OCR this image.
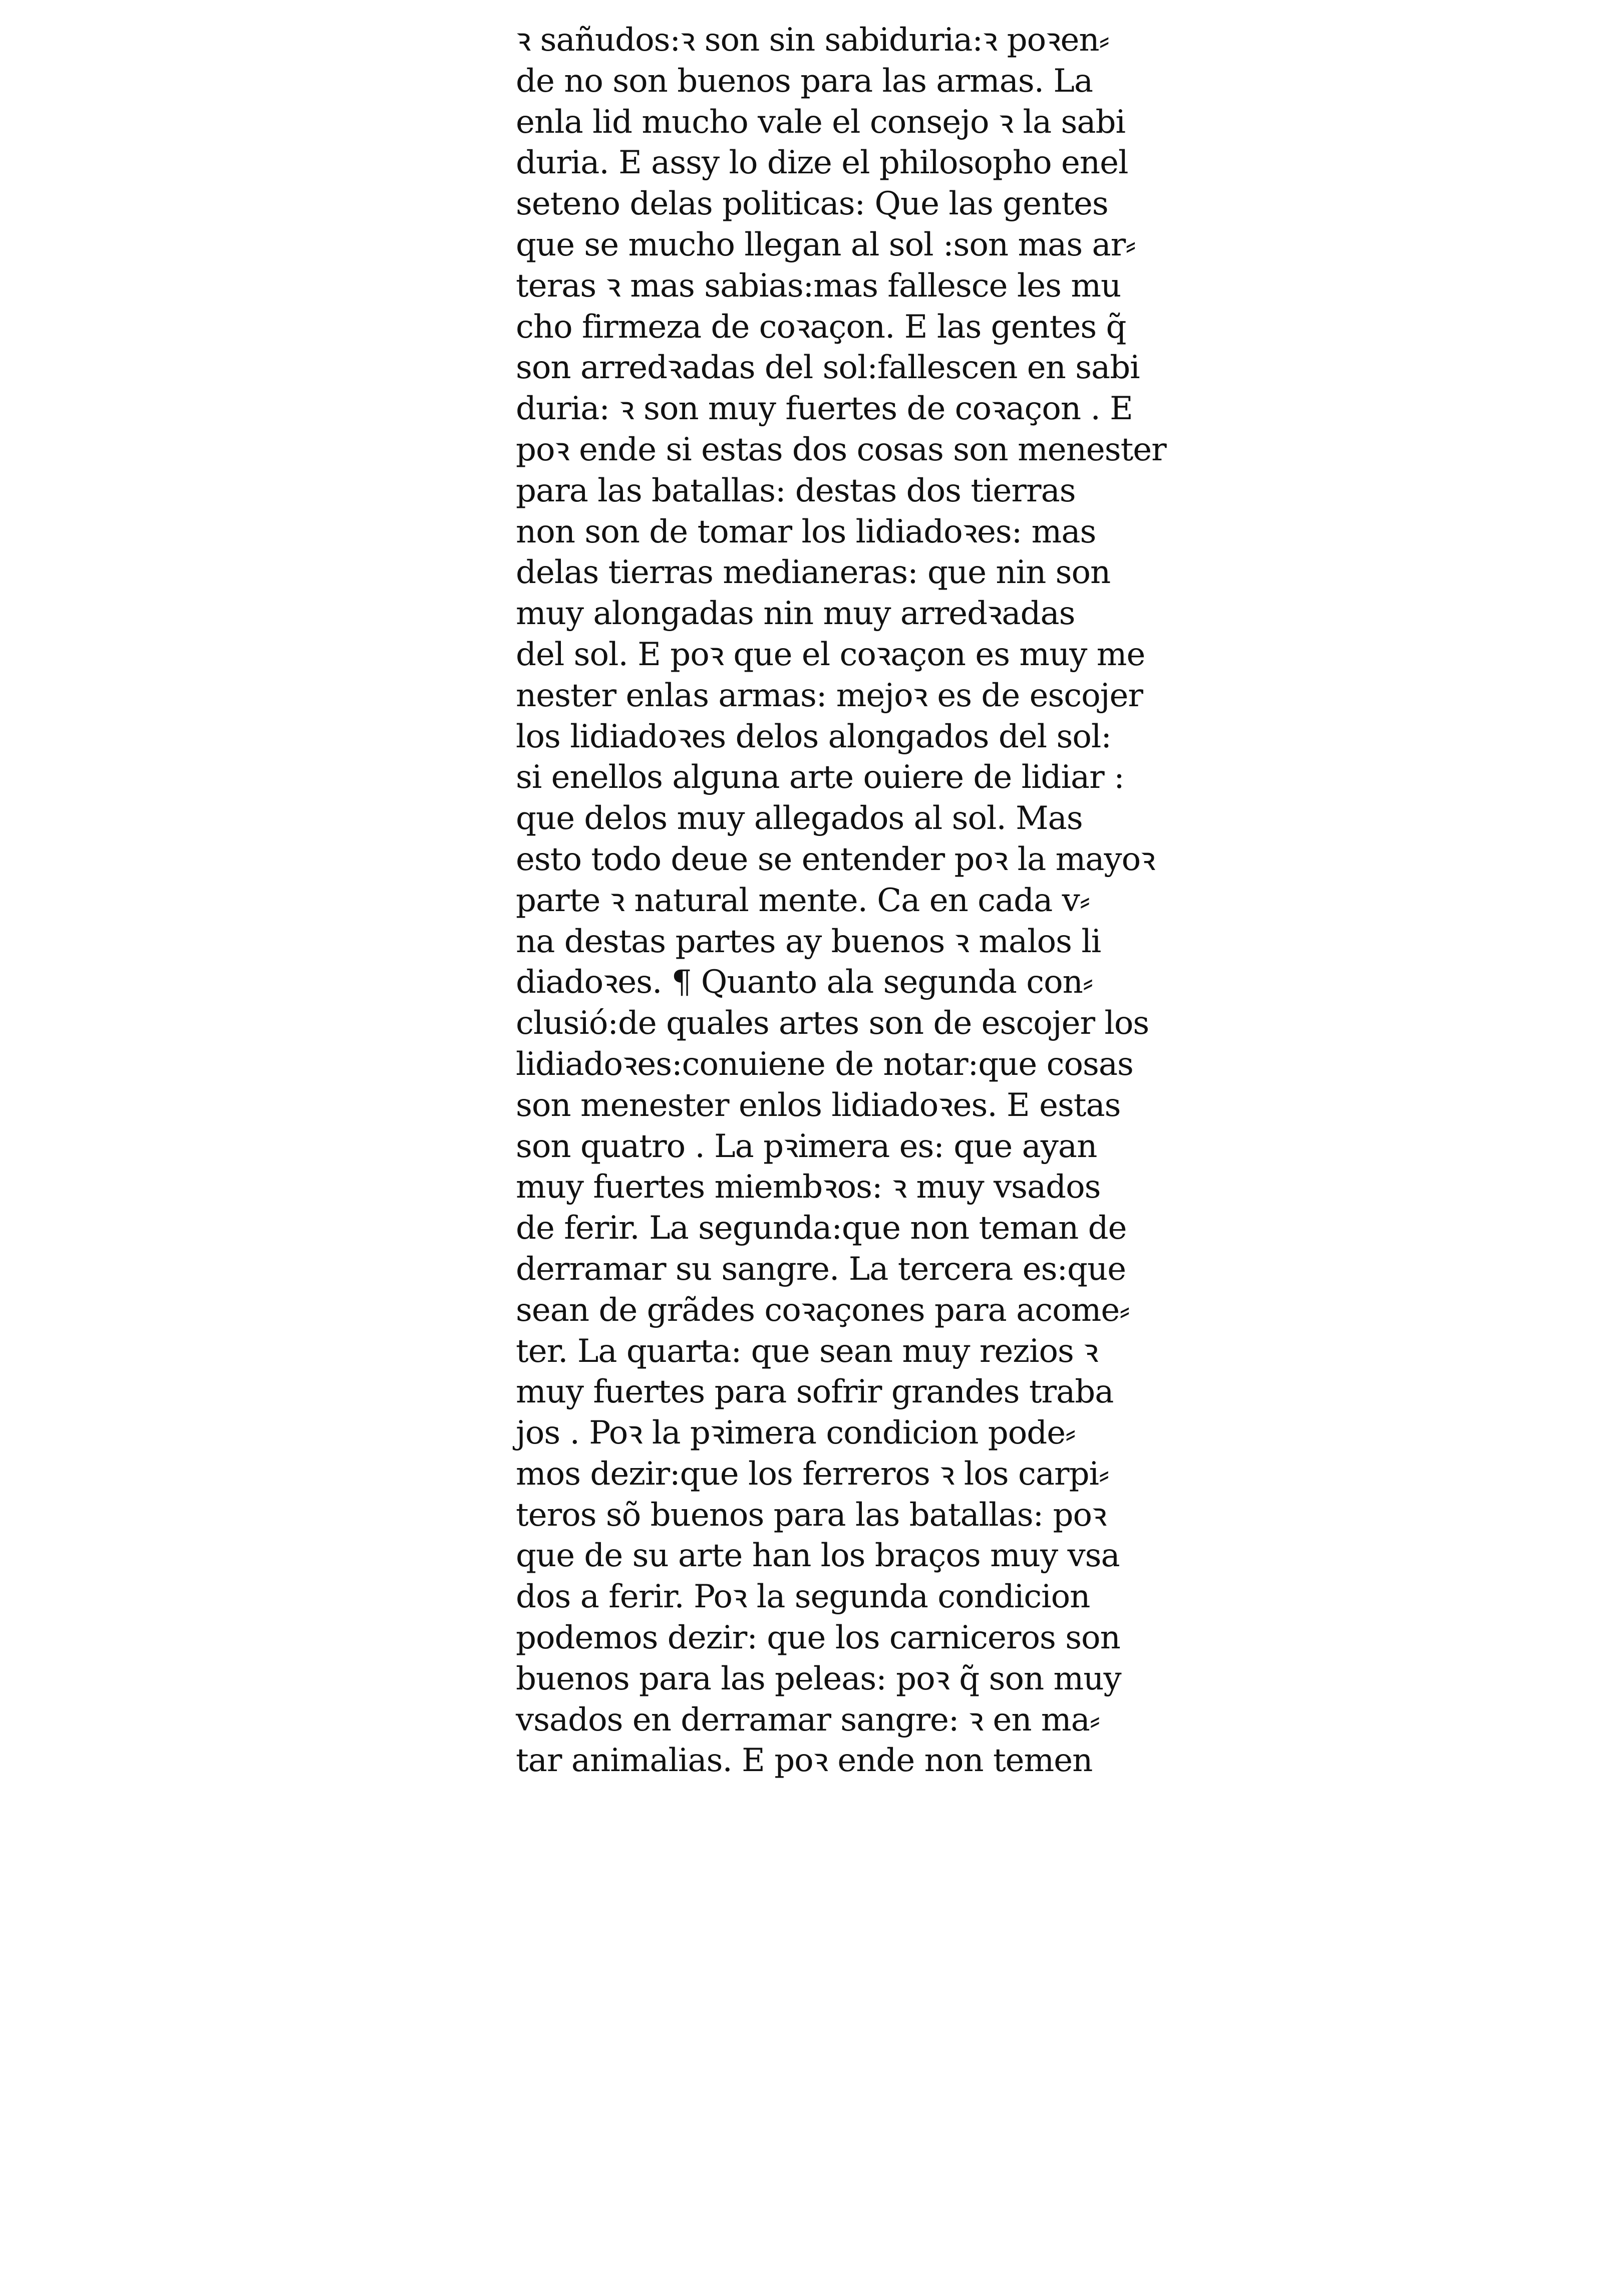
ꝛ sañudos:ꝛ son sin sabiduria:ꝛ poꝛen⸗
de no son buenos para las armas. La
enla lid mucho vale el consejo ꝛ la sabi
duria. E assy lo dize el philosopho enel
seteno delas politicas: Que las gentes
que se mucho llegan al sol :son mas ar⸗
teras ꝛ mas sabias:mas fallesce les mu
cho firmeza de coꝛaçon. E las gentes q̃
son arredꝛadas del sol:fallescen en sabi
duria: ꝛ son muy fuertes de coꝛaçon . E
poꝛ ende si estas dos cosas son menester
para las batallas: destas dos tierras
non son de tomar los lidiadoꝛes: mas
delas tierras medianeras: que nin son
muy alongadas nin muy arredꝛadas
del sol. E poꝛ que el coꝛaçon es muy me
nester enlas armas: mejoꝛ es de escojer
los lidiadoꝛes delos alongados del sol:
si enellos alguna arte ouiere de lidiar :
que delos muy allegados al sol. Mas
esto todo deue se entender poꝛ la mayoꝛ
parte ꝛ natural mente. Ca en cada v⸗
na destas partes ay buenos ꝛ malos li
diadoꝛes. ¶ Quanto ala segunda con⸗
clusió:de quales artes son de escojer los
lidiadoꝛes:conuiene de notar:que cosas
son menester enlos lidiadoꝛes. E estas
son quatro . La pꝛimera es: que ayan
muy fuertes miembꝛos: ꝛ muy vsados
de ferir. La segunda:que non teman de
derramar su sangre. La tercera es:que
sean de grãdes coꝛaçones para acome⸗
ter. La quarta: que sean muy rezios ꝛ
muy fuertes para sofrir grandes traba
jos . Poꝛ la pꝛimera condicion pode⸗
mos dezir:que los ferreros ꝛ los carpi⸗
teros sõ buenos para las batallas: poꝛ
que de su arte han los braços muy vsa
dos a ferir. Poꝛ la segunda condicion
podemos dezir: que los carniceros son
buenos para las peleas: poꝛ q̃ son muy
vsados en derramar sangre: ꝛ en ma⸗
tar animalias. E poꝛ ende non temen
